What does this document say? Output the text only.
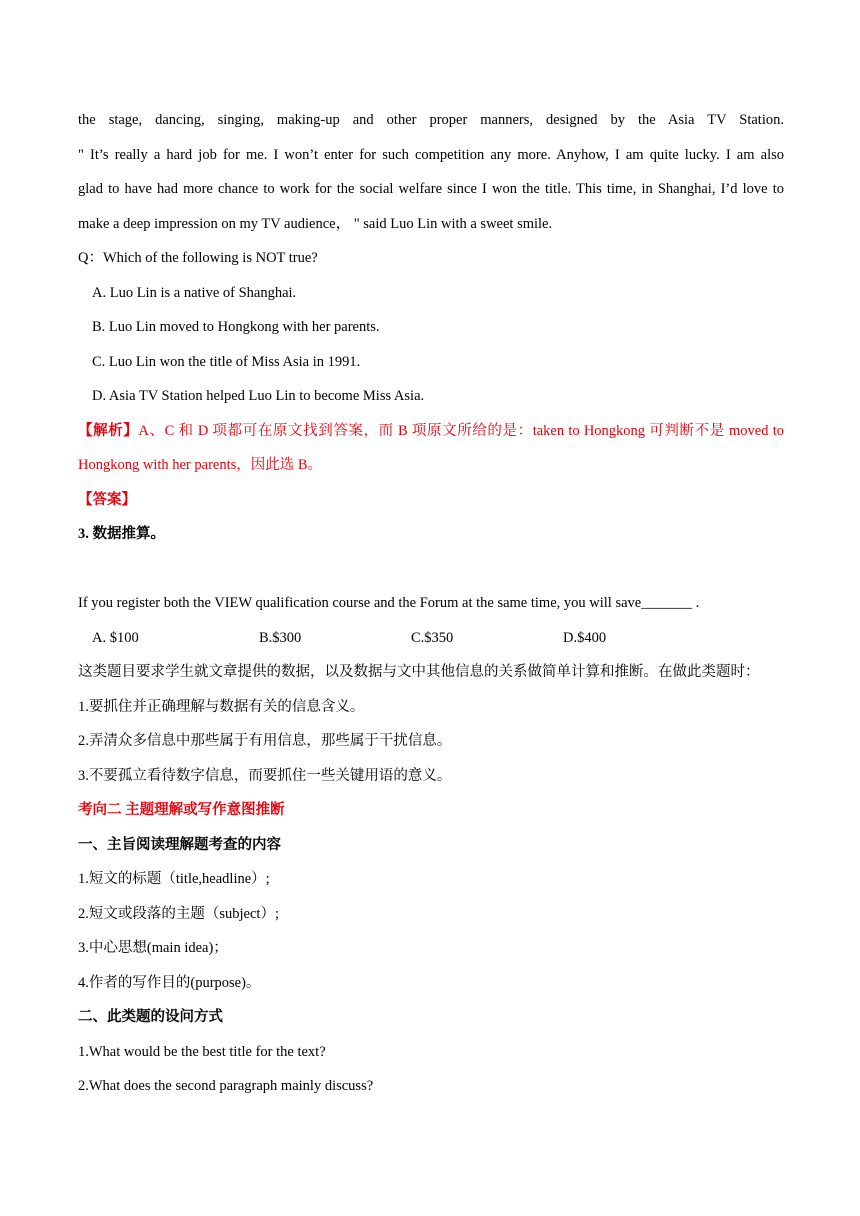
the stage, dancing, singing, making-up and other proper manners, designed by the Asia TV Station.
" It’s really a hard job for me. I won’t enter for such competition any more. Anyhow, I am quite lucky. I am also
glad to have had more chance to work for the social welfare since I won the title. This time, in Shanghai, I’d love to
make a deep impression on my TV audience， " said Luo Lin with a sweet smile.
Q：Which of the following is NOT true?
A. Luo Lin is a native of Shanghai.
B. Luo Lin moved to Hongkong with her parents.
C. Luo Lin won the title of Miss Asia in 1991.
D. Asia TV Station helped Luo Lin to become Miss Asia.
【解析】A、C 和 D 项都可在原文找到答案，而 B 项原文所给的是：taken to Hongkong 可判断不是 moved to
Hongkong with her parents，因此选 B。
【答案】
3. 数据推算。
If you register both the VIEW qualification course and the Forum at the same time, you will save_______ .
A. $100	B.$300	C.$350	D.$400
这类题目要求学生就文章提供的数据，以及数据与文中其他信息的关系做简单计算和推断。在做此类题时：
1.要抓住并正确理解与数据有关的信息含义。
2.弄清众多信息中那些属于有用信息，那些属于干扰信息。
3.不要孤立看待数字信息，而要抓住一些关键用语的意义。
考向二 主题理解或写作意图推断
一、主旨阅读理解题考查的内容
1.短文的标题（title,headline）;
2.短文或段落的主题（subject）;
3.中心思想(main idea)；
4.作者的写作目的(purpose)。
二、此类题的设问方式
1.What would be the best title for the text?
2.What does the second paragraph mainly discuss?
